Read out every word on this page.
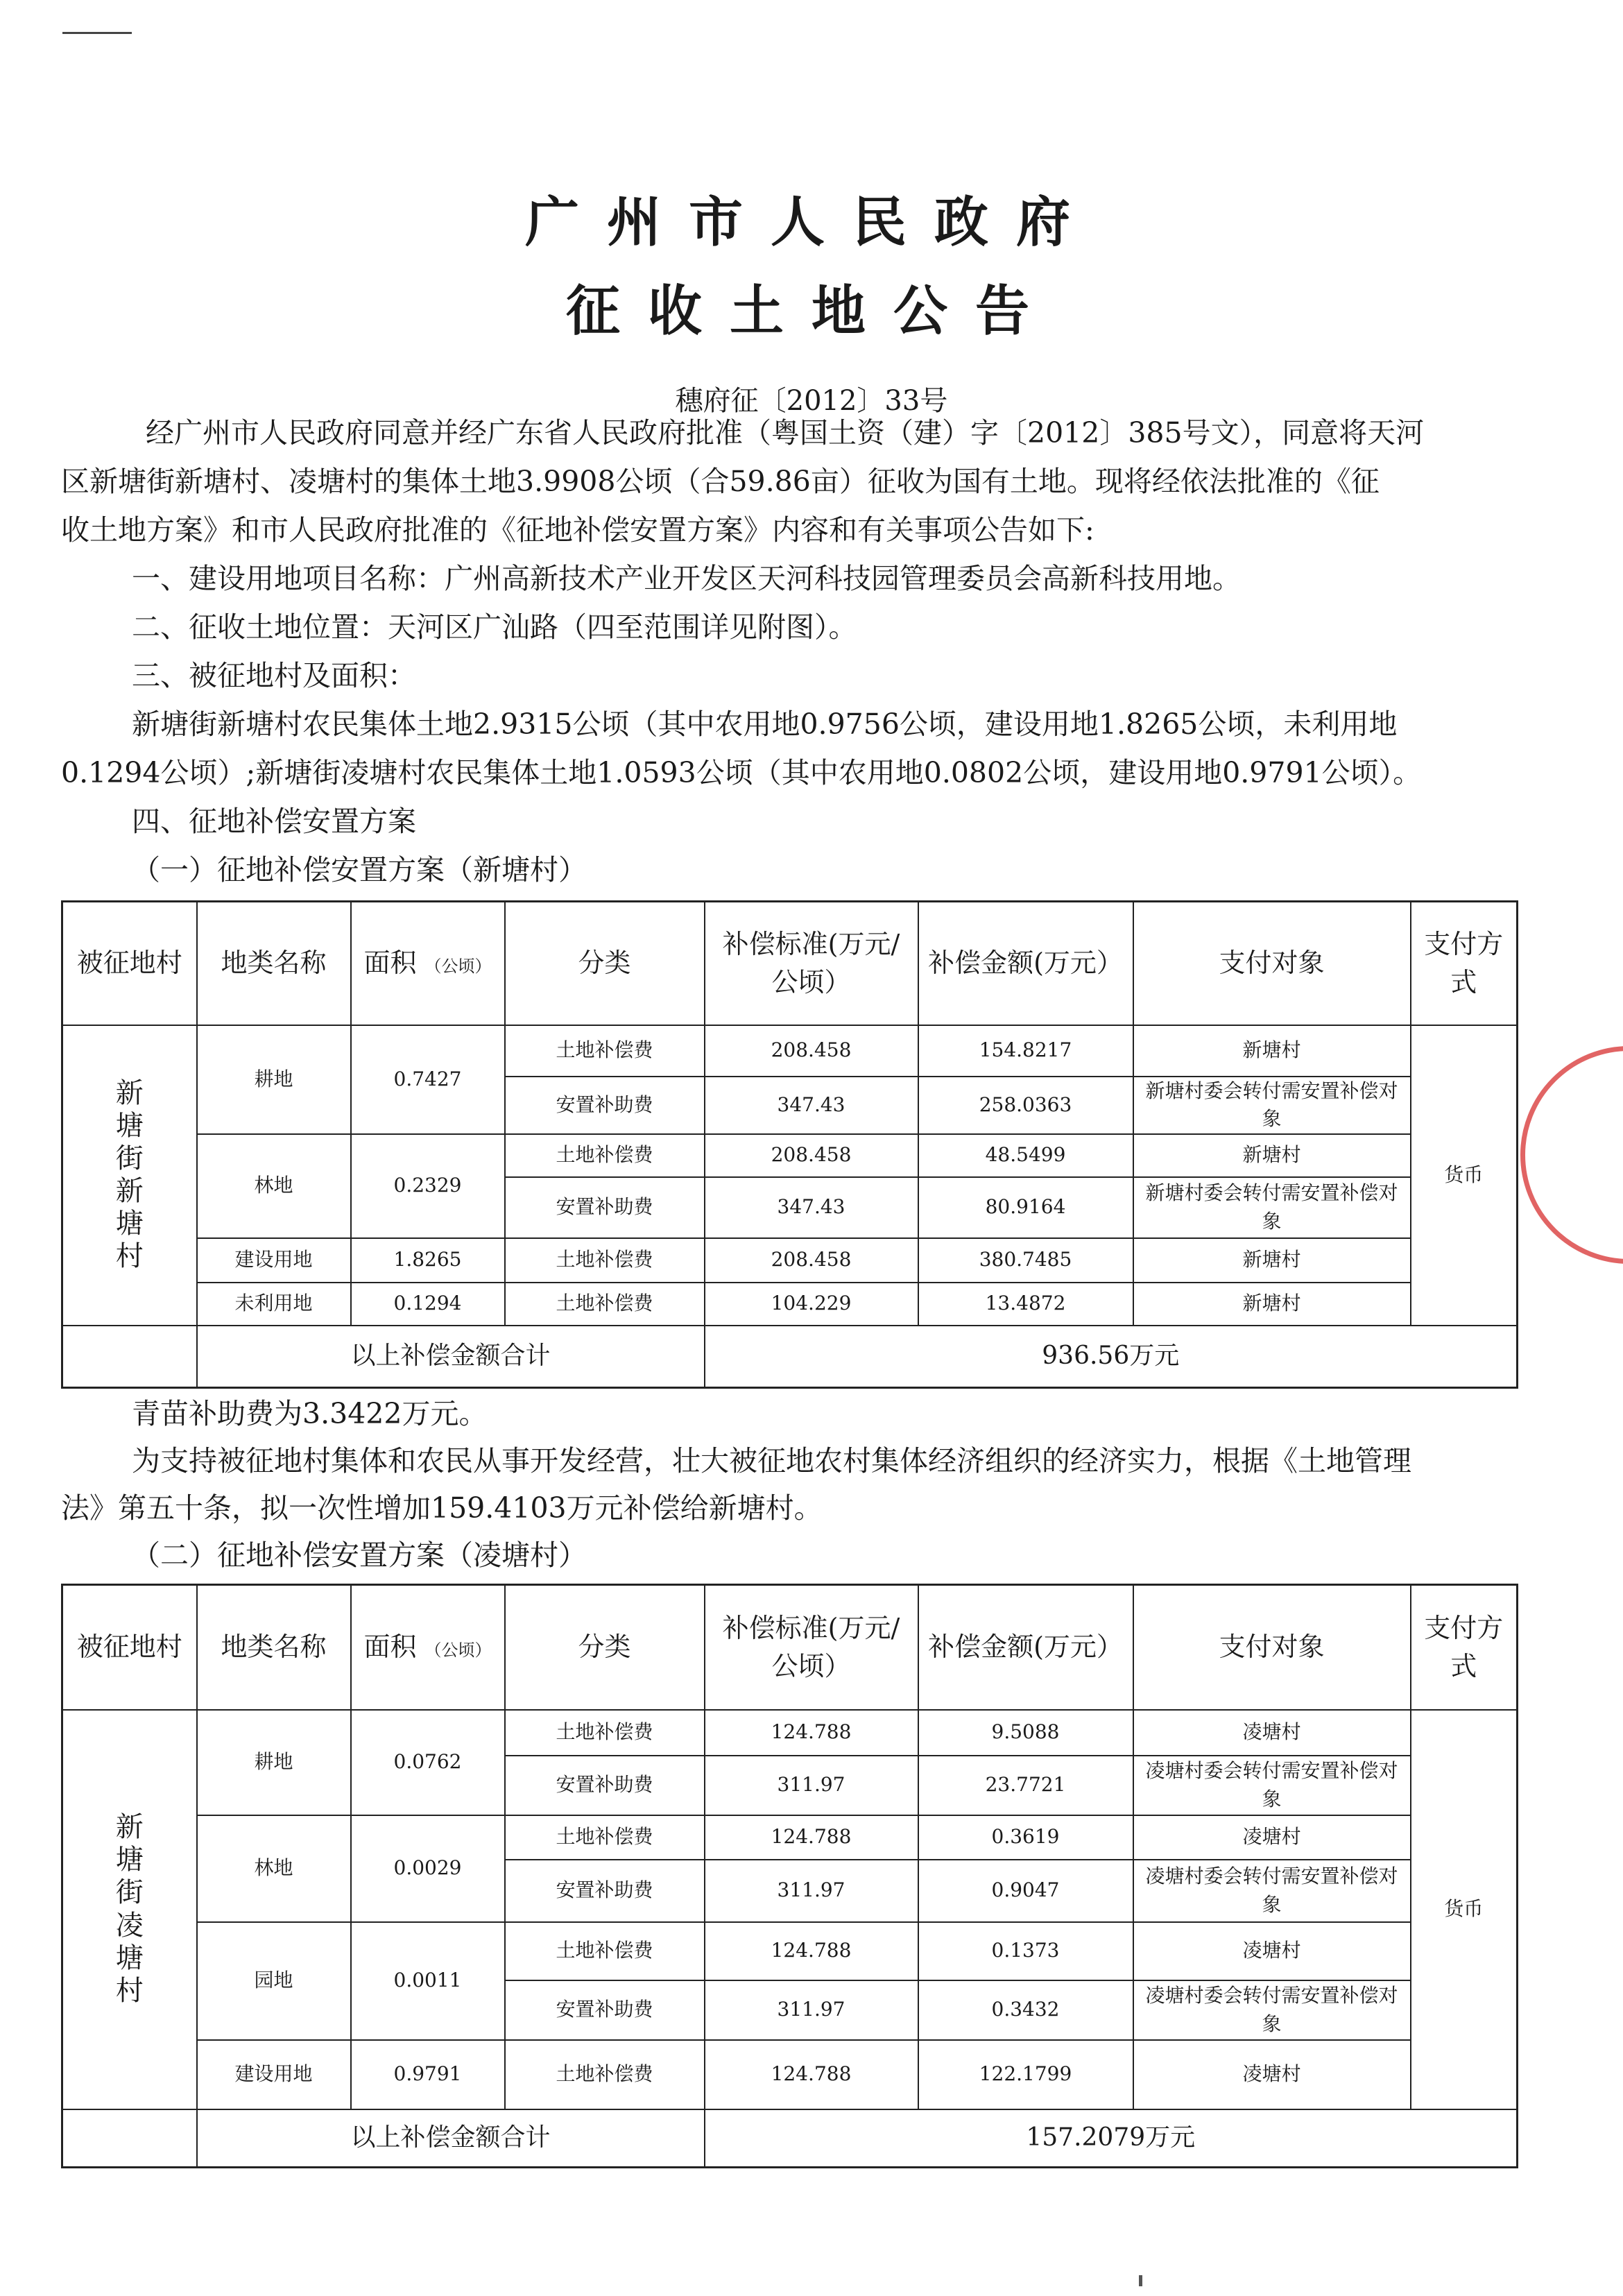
广州市人民政府
征收土地公告
穗府征〔2012〕33号
经广州市人民政府同意并经广东省人民政府批准（粤国土资（建）字〔2012〕385号文），同意将天河
区新塘街新塘村、凌塘村的集体土地3.9908公顷（合59.86亩）征收为国有土地。现将经依法批准的《征
收土地方案》和市人民政府批准的《征地补偿安置方案》内容和有关事项公告如下:
一、建设用地项目名称：广州高新技术产业开发区天河科技园管理委员会高新科技用地。
二、征收土地位置：天河区广汕路（四至范围详见附图）。
三、被征地村及面积：
新塘街新塘村农民集体土地2.9315公顷（其中农用地0.9756公顷，建设用地1.8265公顷，未利用地
0.1294公顷）;新塘街凌塘村农民集体土地1.0593公顷（其中农用地0.0802公顷，建设用地0.9791公顷）。
四、征地补偿安置方案
（一）征地补偿安置方案（新塘村）
被征地村	地类名称	面积 （公顷）	分类	补偿标准(万元/
公顷）	补偿金额(万元）	支付对象	支付方式
新塘街新塘村	耕地	0.7427	土地补偿费	208.458	154.8217	新塘村	货币
			安置补助费	347.43	258.0363	新塘村委会转付需安置补偿对象	
	林地	0.2329	土地补偿费	208.458	48.5499	新塘村	
			安置补助费	347.43	80.9164	新塘村委会转付需安置补偿对象	
	建设用地	1.8265	土地补偿费	208.458	380.7485	新塘村	
	未利用地	0.1294	土地补偿费	104.229	13.4872	新塘村	
	以上补偿金额合计			936.56万元			
青苗补助费为3.3422万元。
为支持被征地村集体和农民从事开发经营，壮大被征地农村集体经济组织的经济实力，根据《土地管理
法》第五十条，拟一次性增加159.4103万元补偿给新塘村。
（二）征地补偿安置方案（凌塘村）
被征地村	地类名称	面积 （公顷）	分类	补偿标准(万元/
公顷）	补偿金额(万元）	支付对象	支付方式
新塘街凌塘村	耕地	0.0762	土地补偿费	124.788	9.5088	凌塘村	货币
			安置补助费	311.97	23.7721	凌塘村委会转付需安置补偿对象	
	林地	0.0029	土地补偿费	124.788	0.3619	凌塘村	
			安置补助费	311.97	0.9047	凌塘村委会转付需安置补偿对象	
	园地	0.0011	土地补偿费	124.788	0.1373	凌塘村	
			安置补助费	311.97	0.3432	凌塘村委会转付需安置补偿对象	
	建设用地	0.9791	土地补偿费	124.788	122.1799	凌塘村	
	以上补偿金额合计			157.2079万元			
